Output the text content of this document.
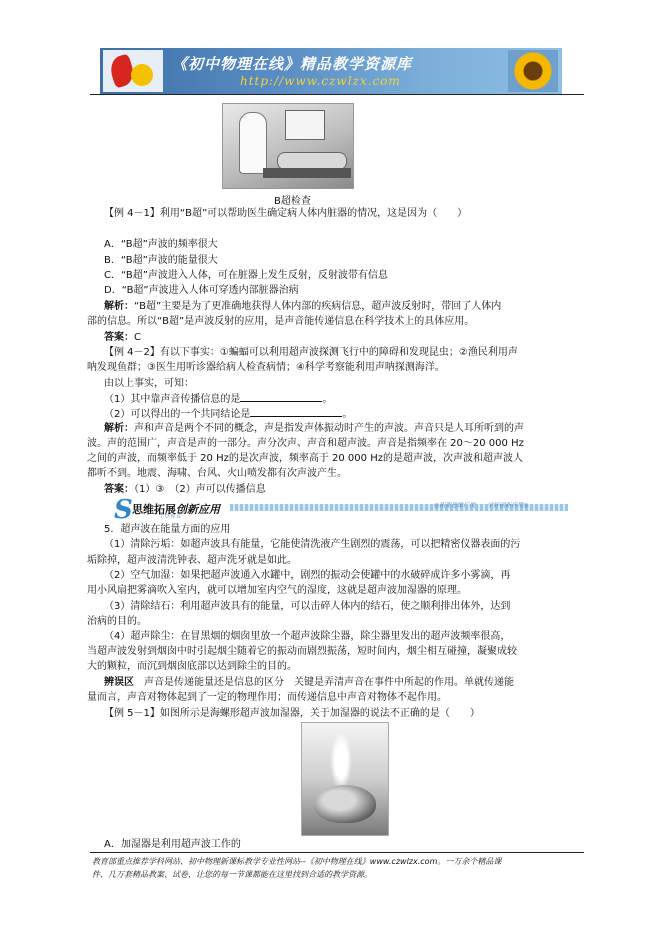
《初中物理在线》精品教学资源库
http://www.czwlzx.com
B超检查
【例 4－1】利用“B超”可以帮助医生确定病人体内脏器的情况，这是因为（　　）
A．“B超”声波的频率很大
B．“B超”声波的能量很大
C．“B超”声波进入人体，可在脏器上发生反射，反射波带有信息
D．“B超”声波进入人体可穿透内部脏器治病
解析：“B超”主要是为了更准确地获得人体内部的疾病信息，超声波反射时，带回了人体内
部的信息。所以“B超”是声波反射的应用，是声音能传递信息在科学技术上的具体应用。
答案：C
【例 4－2】有以下事实：①蝙蝠可以利用超声波探测飞行中的障碍和发现昆虫；②渔民利用声
呐发现鱼群；③医生用听诊器给病人检查病情；④科学考察能利用声呐探测海洋。
由以上事实，可知：
（1）其中靠声音传播信息的是	。
（2）可以得出的一个共同结论是	。
解析：声和声音是两个不同的概念，声是指发声体振动时产生的声波。声音只是人耳所听到的声
波。声的范围广，声音是声的一部分。声分次声、声音和超声波。声音是指频率在 20～20 000 Hz
之间的声波，而频率低于 20 Hz的是次声波，频率高于 20 000 Hz的是超声波，次声波和超声波人
都听不到。地震、海啸、台风、火山喷发都有次声波产生。
答案：（1）③　（2）声可以传播信息
S 思维拓展创新应用
TONG
◎拓宽思维广度　　学好创新应用◎
5．超声波在能量方面的应用
（1）清除污垢：如超声波具有能量，它能使清洗液产生剧烈的震荡，可以把精密仪器表面的污
垢除掉，超声波清洗钟表、超声洗牙就是如此。
（2）空气加湿：如果把超声波通入水罐中，剧烈的振动会使罐中的水破碎成许多小雾滴，再
用小风扇把雾滴吹入室内，就可以增加室内空气的湿度，这就是超声波加湿器的原理。
（3）清除结石：利用超声波具有的能量，可以击碎人体内的结石，使之顺利排出体外，达到
治病的目的。
（4）超声除尘：在冒黑烟的烟囱里放一个超声波除尘器，除尘器里发出的超声波频率很高，
当超声波发射到烟囱中时引起烟尘随着它的振动而剧烈振荡，短时间内，烟尘相互碰撞，凝聚成较
大的颗粒，而沉到烟囱底部以达到除尘的目的。
辨误区　声音是传递能量还是信息的区分　关键是弄清声音在事件中所起的作用。单就传递能
量而言，声音对物体起到了一定的物理作用；而传递信息中声音对物体不起作用。
【例 5－1】如图所示是海螺形超声波加湿器，关于加湿器的说法不正确的是（　　）
A．加湿器是利用超声波工作的
教育部重点推荐学科网站、初中物理新课标教学专业性网站--《初中物理在线》www.czwlzx.com。一万余个精品课
件、几万套精品教案、试卷，让您的每一节课都能在这里找到合适的教学资源。
